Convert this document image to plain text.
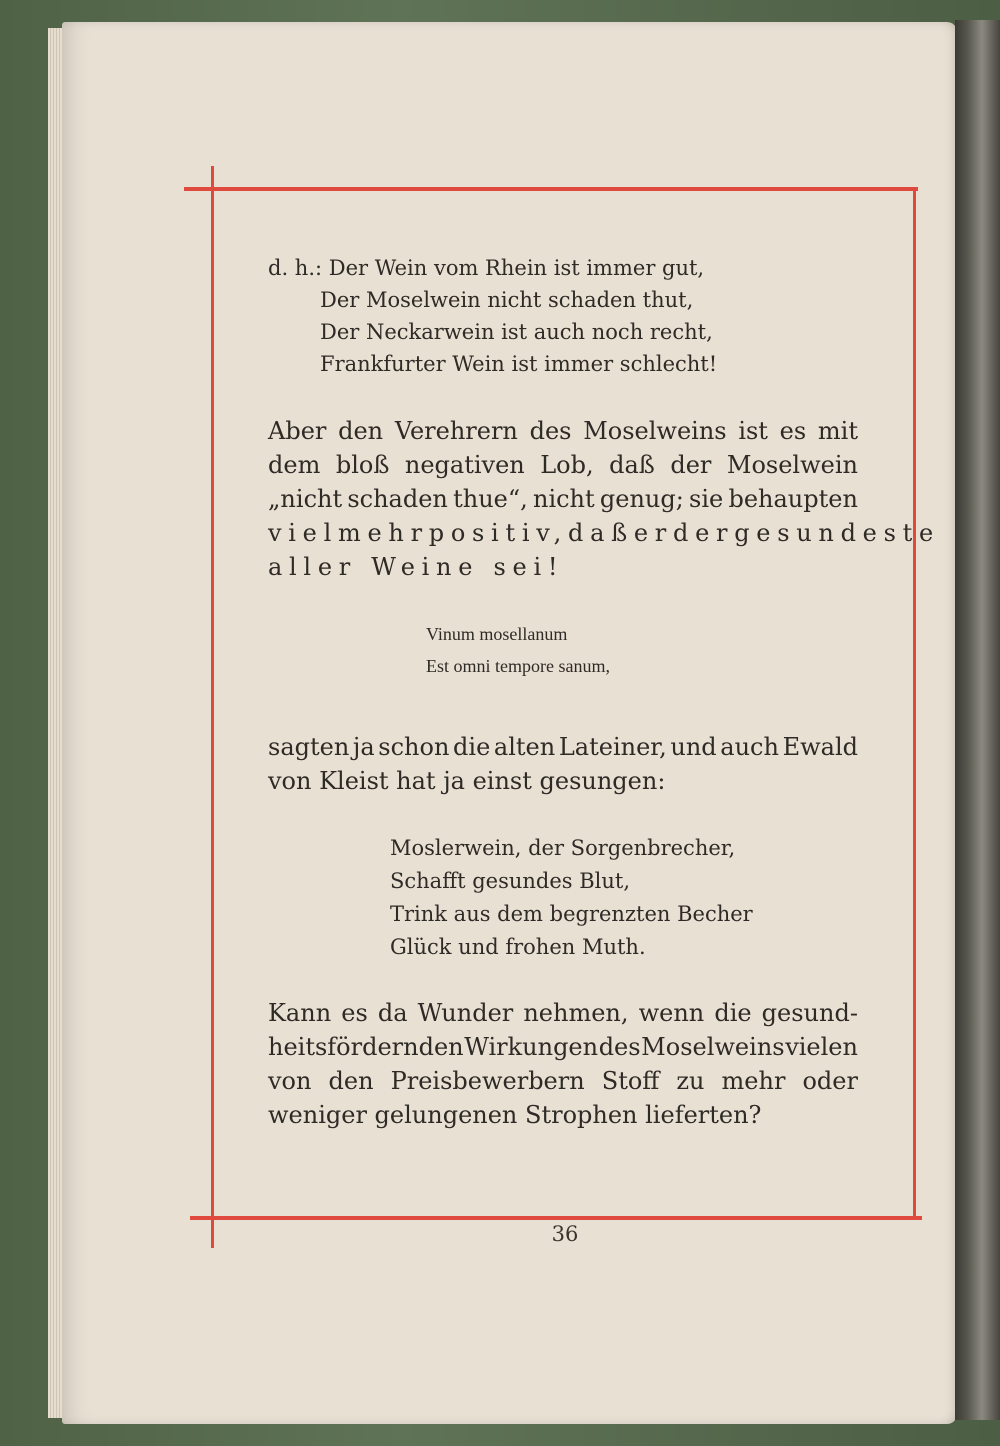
d. h.: Der Wein vom Rhein ist immer gut,
Der Moselwein nicht schaden thut,
Der Neckarwein ist auch noch recht,
Frankfurter Wein ist immer schlecht!
Aber den Verehrern des Moselweins ist es mit
dem bloß negativen Lob, daß der Moselwein
„nicht schaden thue“, nicht genug; sie behaupten
vielmehr positiv, daß er der gesundeste
aller Weine sei!
Vinum mosellanum
Est omni tempore sanum,
sagten ja schon die alten Lateiner, und auch Ewald
von Kleist hat ja einst gesungen:
Moslerwein, der Sorgenbrecher,
Schafft gesundes Blut,
Trink aus dem begrenzten Becher
Glück und frohen Muth.
Kann es da Wunder nehmen, wenn die gesund-
heitsfördernden Wirkungen des Moselweins vielen
von den Preisbewerbern Stoff zu mehr oder
weniger gelungenen Strophen lieferten?
36
